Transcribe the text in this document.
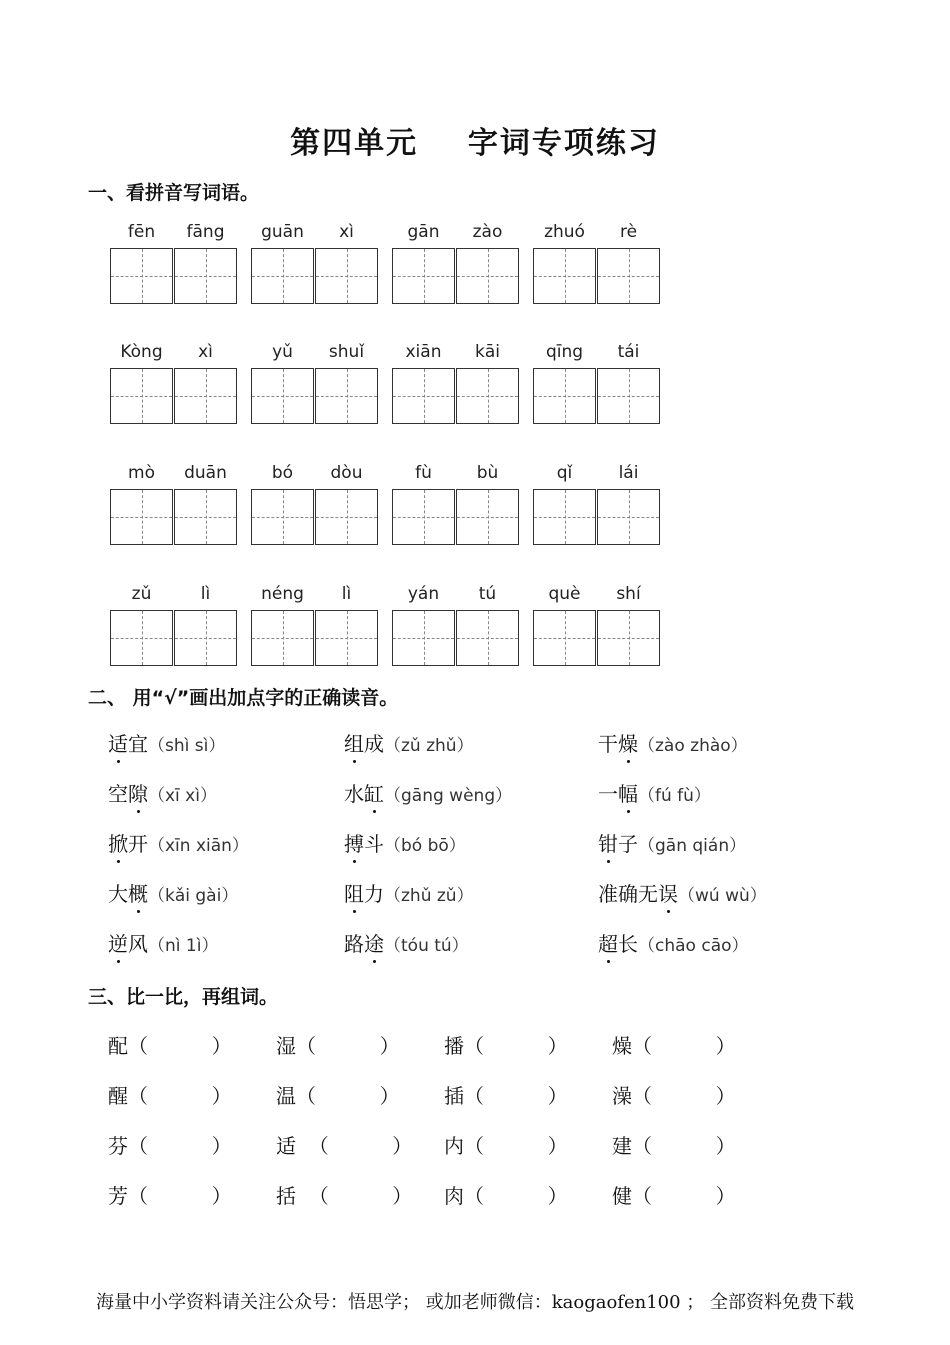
第四单元 字词专项练习
一、看拼音写词语。
fēn	fāng	guān	xì	gān	zào	zhuó	rè
Kòng	xì	yǔ	shuǐ	xiān	kāi	qīng	tái
mò	duān	bó	dòu	fù	bù	qǐ	lái
zǔ	lì	néng	lì	yán	tú	què	shí
二、 用“√”画出加点字的正确读音。
适宜（shì sì）	组成（zǔ zhǔ）	干燥（zào zhào）
空隙（xī xì）	水缸（gāng wèng）	一幅（fú fù）
掀开（xīn xiān）	搏斗（bó bō）	钳子（gān qián）
大概（kǎi gài）	阻力（zhǔ zǔ）	准确无误（wú wù）
逆风（nì 1ì）	路途（tóu tú）	超长（chāo cāo）
三、比一比，再组词。
配（          ） 湿（          ） 播（          ） 燥（          ）
醒（          ） 温（          ） 插（          ） 澡（          ）
芬（          ） 适  （          ） 内（          ） 建（          ）
芳（          ） 括  （          ） 肉（          ） 健（          ）
海量中小学资料请关注公众号：悟思学； 或加老师微信：kaogaofen100 ； 全部资料免费下载
